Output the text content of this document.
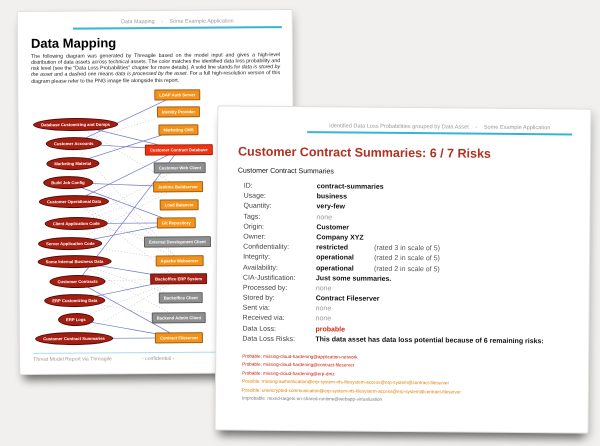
Data Mapping - Some Example Application
Data Mapping
The following diagram was generated by Threagile based on the model input and gives a high-level distribution of data assets across technical assets. The color matches the identified data loss probability and risk level (see the "Data Loss Probabilities" chapter for more details). A solid line stands for data is stored by the asset and a dashed one means data is processed by the asset. For a full high-resolution version of this diagram please refer to the PNG image file alongside this report.
Database Customizing and Dumps
Customer Accounts
Marketing Material
Build Job Config
Customer Operational Data
Client Application Code
Server Application Code
Some Internal Business Data
Customer Contracts
ERP Customizing Data
ERP Logs
Customer Contract Summaries
LDAP Auth Server
Identity Provider
Marketing CMS
Customer Contract Database
Customer Web Client
Jenkins Buildserver
Load Balancer
Git Repository
External Development Client
Apache Webserver
Backoffice ERP System
Backoffice Client
Backend Admin Client
Contract Fileserver
Threat Model Report via Threagile	- confidential -
Identified Data Loss Probabilities grouped by Data Asset - Some Example Application
Customer Contract Summaries: 6 / 7 Risks
Customer Contract Summaries
ID:	contract-summaries
Usage:	business
Quantity:	very-few
Tags:	none
Origin:	Customer
Owner:	Company XYZ
Confidentiality:	restricted	(rated 3 in scale of 5)
Integrity:	operational	(rated 2 in scale of 5)
Availability:	operational	(rated 2 in scale of 5)
CIA-Justification:	Just some summaries.
Processed by:	none
Stored by:	Contract Fileserver
Sent via:	none
Received via:	none
Data Loss:	probable
Data Loss Risks:	This data asset has data loss potential because of 6 remaining risks:
Probable: missing-cloud-hardening@application-network
Probable: missing-cloud-hardening@contract-fileserver
Probable: missing-cloud-hardening@erp-dmz
Possible: missing-authentication@erp-system-nfs-filesystem-access@erp-system@contract-fileserver
Possible: unencrypted-communication@erp-system-nfs-filesystem-access@erp-system@contract-fileserver
Improbable: mixed-targets-on-shared-runtime@webapp-virtualization
